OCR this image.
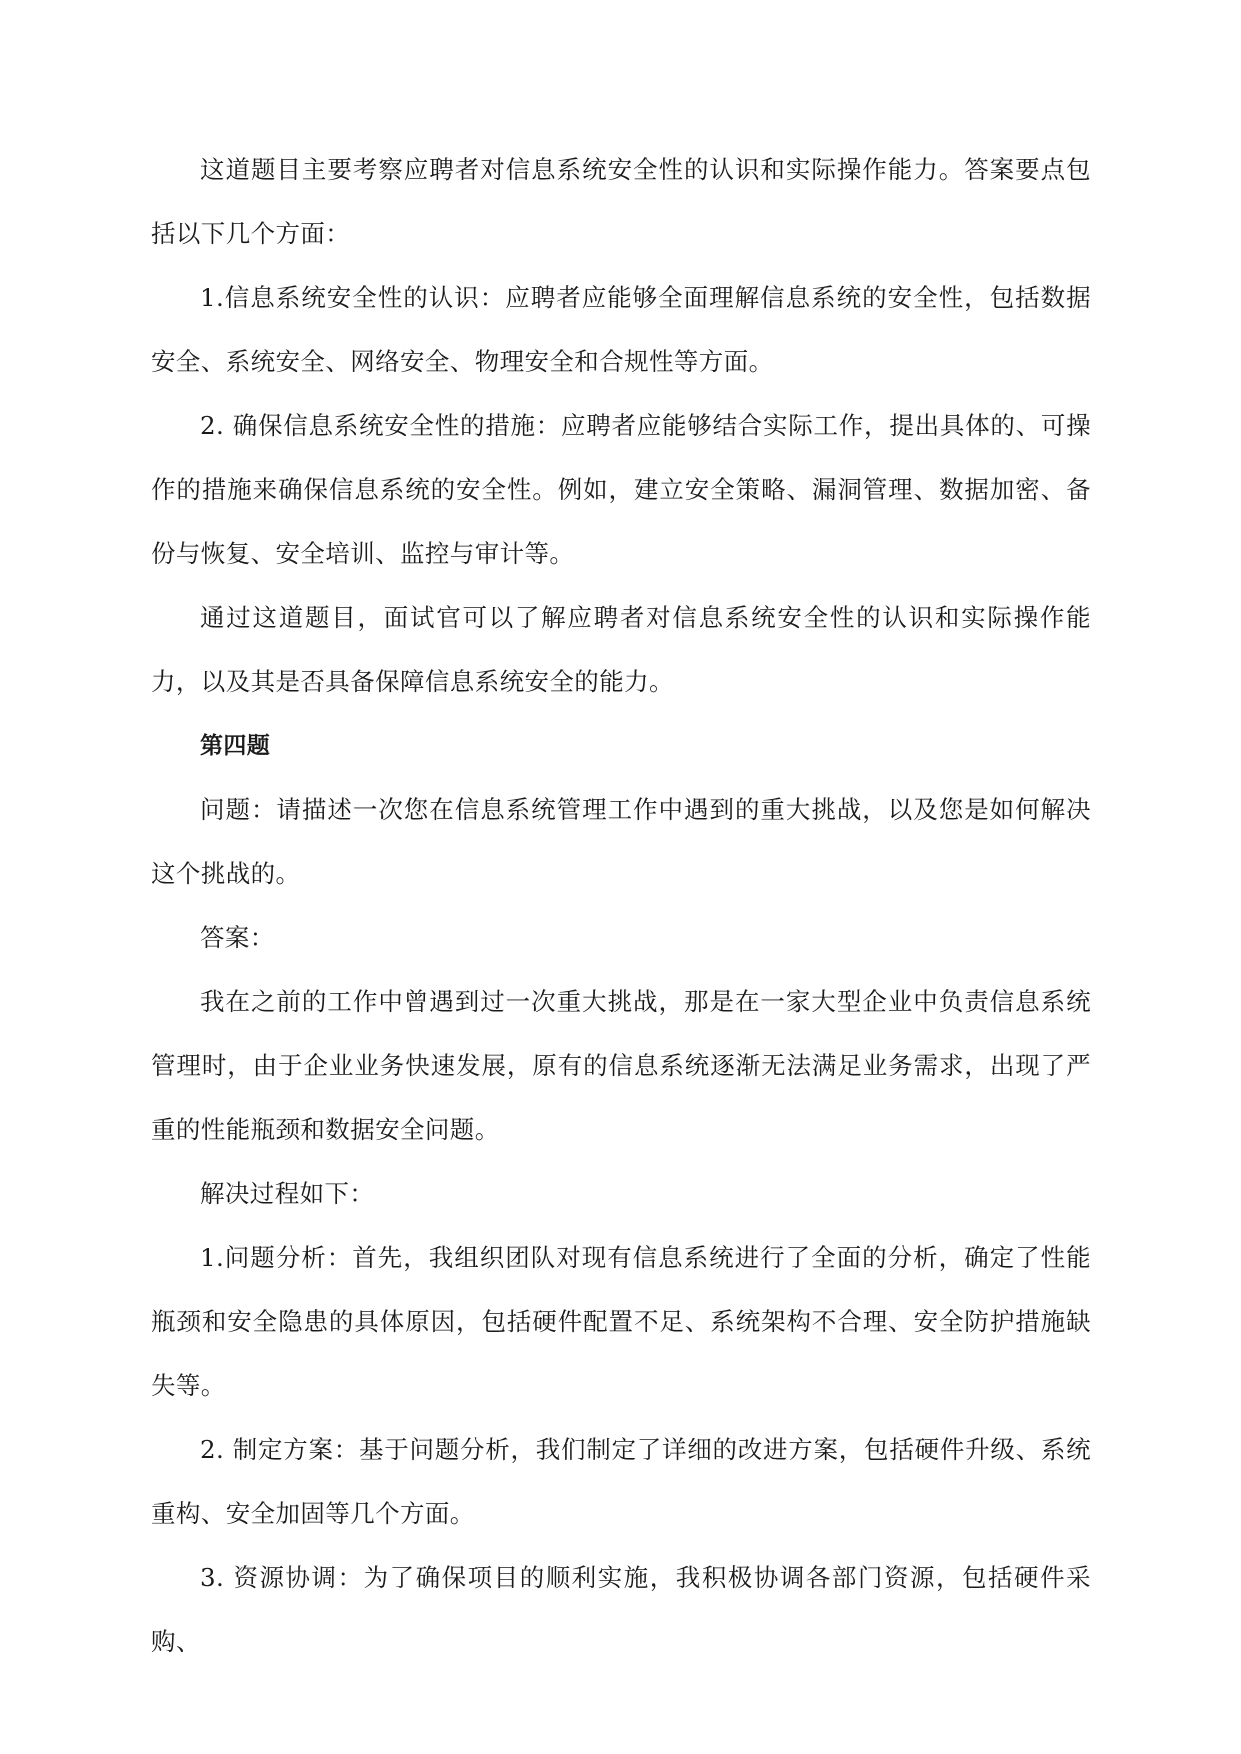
这道题目主要考察应聘者对信息系统安全性的认识和实际操作能力。答案要点包括以下几个方面：

1.信息系统安全性的认识：应聘者应能够全面理解信息系统的安全性，包括数据安全、系统安全、网络安全、物理安全和合规性等方面。

2. 确保信息系统安全性的措施：应聘者应能够结合实际工作，提出具体的、可操作的措施来确保信息系统的安全性。例如，建立安全策略、漏洞管理、数据加密、备份与恢复、安全培训、监控与审计等。

通过这道题目，面试官可以了解应聘者对信息系统安全性的认识和实际操作能力，以及其是否具备保障信息系统安全的能力。

第四题

问题：请描述一次您在信息系统管理工作中遇到的重大挑战，以及您是如何解决这个挑战的。

答案：

我在之前的工作中曾遇到过一次重大挑战，那是在一家大型企业中负责信息系统管理时，由于企业业务快速发展，原有的信息系统逐渐无法满足业务需求，出现了严重的性能瓶颈和数据安全问题。

解决过程如下：

1.问题分析：首先，我组织团队对现有信息系统进行了全面的分析，确定了性能瓶颈和安全隐患的具体原因，包括硬件配置不足、系统架构不合理、安全防护措施缺失等。

2. 制定方案：基于问题分析，我们制定了详细的改进方案，包括硬件升级、系统重构、安全加固等几个方面。

3. 资源协调：为了确保项目的顺利实施，我积极协调各部门资源，包括硬件采购、
